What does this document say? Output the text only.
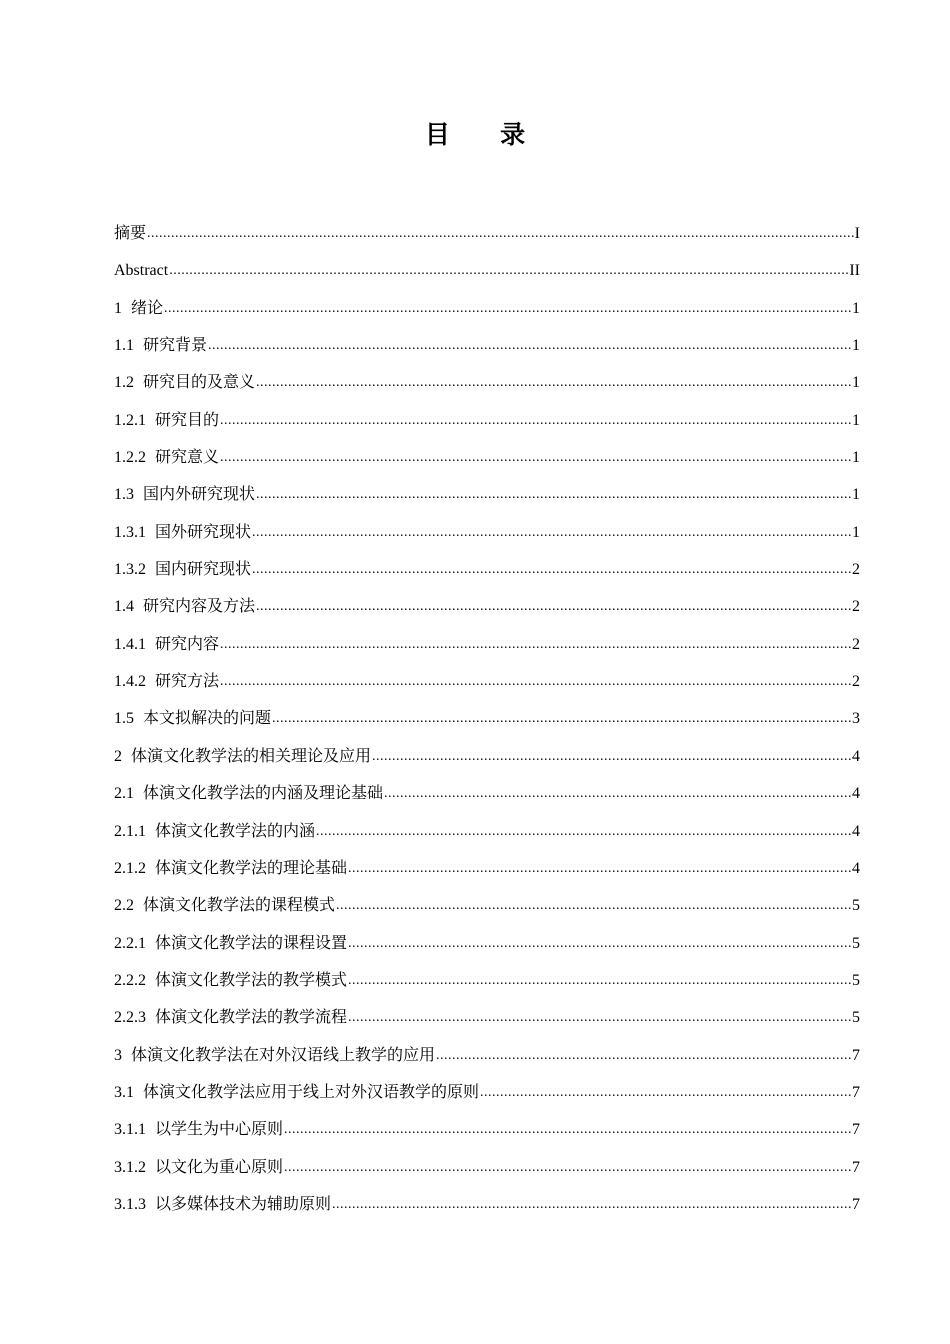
目 录
摘要 .....	I
Abstract .....	II
1 绪论 .....	1
1.1 研究背景 .....	1
1.2 研究目的及意义 .....	1
1.2.1 研究目的 .....	1
1.2.2 研究意义 .....	1
1.3 国内外研究现状 .....	1
1.3.1 国外研究现状 .....	1
1.3.2 国内研究现状 .....	2
1.4 研究内容及方法 .....	2
1.4.1 研究内容 .....	2
1.4.2 研究方法 .....	2
1.5 本文拟解决的问题 .....	3
2 体演文化教学法的相关理论及应用 .....	4
2.1 体演文化教学法的内涵及理论基础 .....	4
2.1.1 体演文化教学法的内涵 .....	4
2.1.2 体演文化教学法的理论基础 .....	4
2.2 体演文化教学法的课程模式 .....	5
2.2.1 体演文化教学法的课程设置 .....	5
2.2.2 体演文化教学法的教学模式 .....	5
2.2.3 体演文化教学法的教学流程 .....	5
3 体演文化教学法在对外汉语线上教学的应用 .....	7
3.1 体演文化教学法应用于线上对外汉语教学的原则 .....	7
3.1.1 以学生为中心原则 .....	7
3.1.2 以文化为重心原则 .....	7
3.1.3 以多媒体技术为辅助原则 .....	7
